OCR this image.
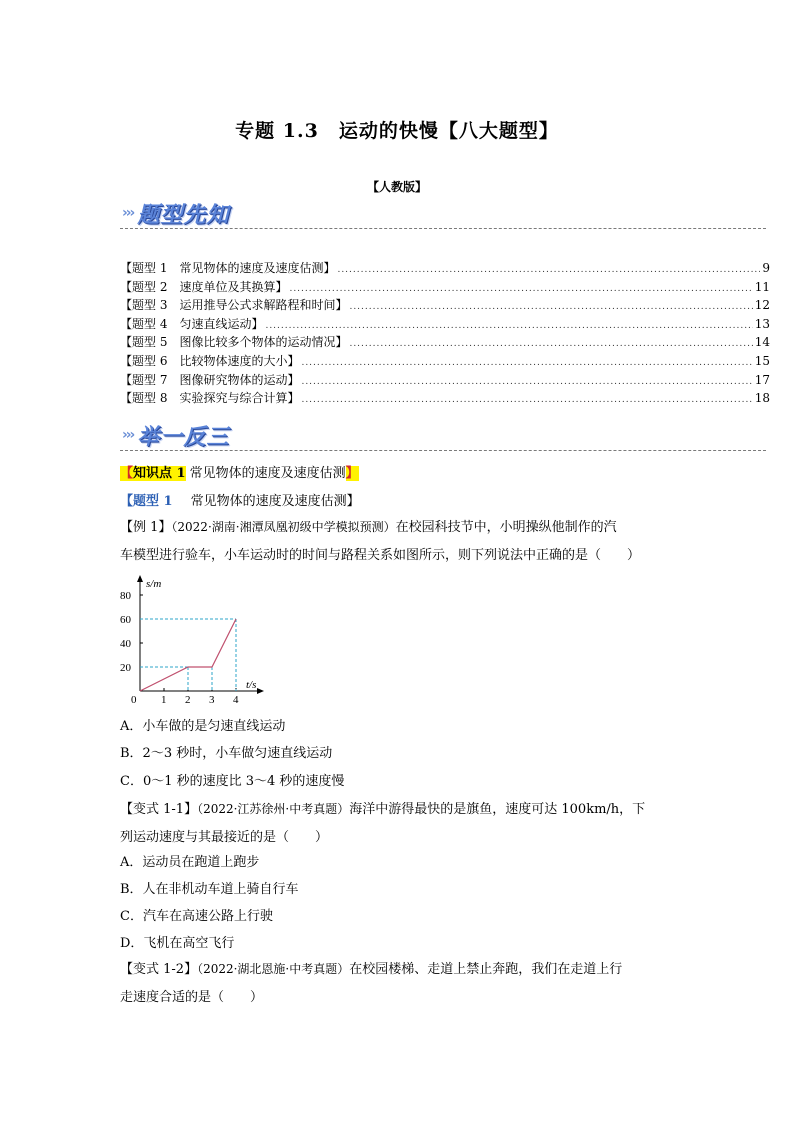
专题 1.3　运动的快慢【八大题型】
【人教版】
››› 题型先知
【题型 1　常见物体的速度及速度估测】 .....	9
【题型 2　速度单位及其换算】 .....	11
【题型 3　运用推导公式求解路程和时间】 .....	12
【题型 4　匀速直线运动】 .....	13
【题型 5　图像比较多个物体的运动情况】 .....	14
【题型 6　比较物体速度的大小】 .....	15
【题型 7　图像研究物体的运动】 .....	17
【题型 8　实验探究与综合计算】 .....	18
››› 举一反三
【知识点 1 常见物体的速度及速度估测】
【题型 1 常见物体的速度及速度估测】
【例 1】（2022·湖南·湘潭凤凰初级中学模拟预测）在校园科技节中，小明操纵他制作的汽
车模型进行验车，小车运动时的时间与路程关系如图所示，则下列说法中正确的是（　　）
s/m
t/s
0 1 2 3 4
20
40
60
80
A．小车做的是匀速直线运动
B．2～3 秒时，小车做匀速直线运动
C．0～1 秒的速度比 3～4 秒的速度慢
【变式 1-1】（2022·江苏徐州·中考真题）海洋中游得最快的是旗鱼，速度可达 100km/h，下
列运动速度与其最接近的是（　　）
A．运动员在跑道上跑步
B．人在非机动车道上骑自行车
C．汽车在高速公路上行驶
D．飞机在高空飞行
【变式 1-2】（2022·湖北恩施·中考真题）在校园楼梯、走道上禁止奔跑，我们在走道上行
走速度合适的是（　　）
